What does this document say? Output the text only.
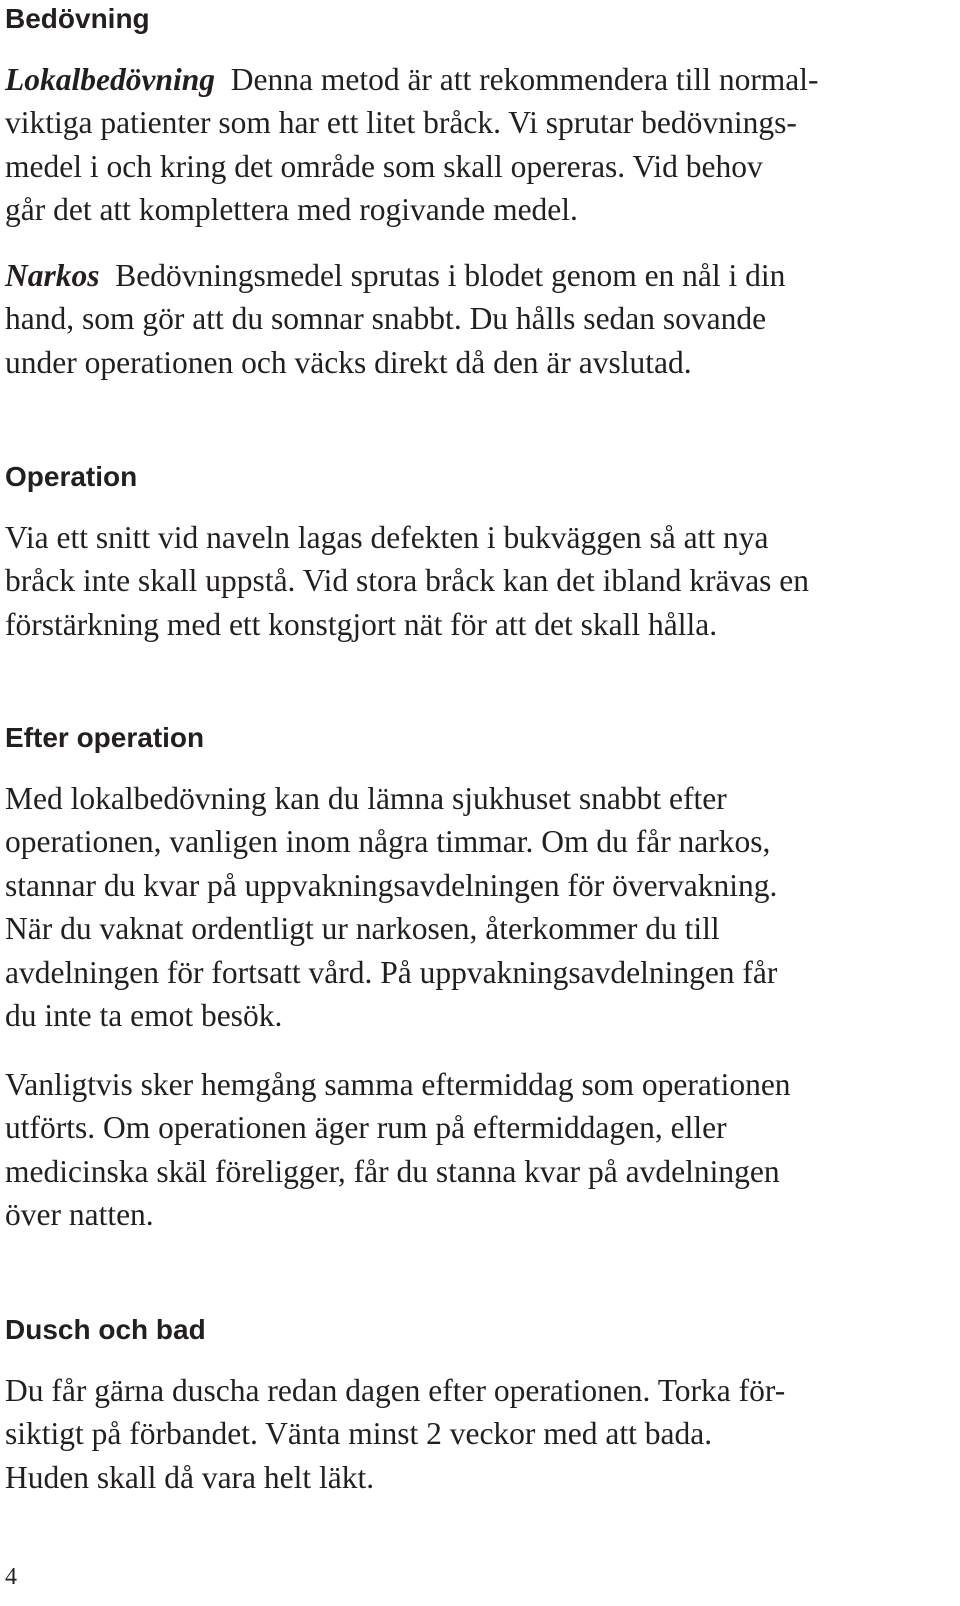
Bedövning
Lokalbedövning  Denna metod är att rekommendera till normal-
viktiga patienter som har ett litet bråck. Vi sprutar bedövnings-
medel i och kring det område som skall opereras. Vid behov
går det att komplettera med rogivande medel.
Narkos  Bedövningsmedel sprutas i blodet genom en nål i din
hand, som gör att du somnar snabbt. Du hålls sedan sovande
under operationen och väcks direkt då den är avslutad.
Operation
Via ett snitt vid naveln lagas defekten i bukväggen så att nya
bråck inte skall uppstå. Vid stora bråck kan det ibland krävas en
förstärkning med ett konstgjort nät för att det skall hålla.
Efter operation
Med lokalbedövning kan du lämna sjukhuset snabbt efter
operationen, vanligen inom några timmar. Om du får narkos,
stannar du kvar på uppvakningsavdelningen för övervakning.
När du vaknat ordentligt ur narkosen, återkommer du till
avdelningen för fortsatt vård. På uppvakningsavdelningen får
du inte ta emot besök.
Vanligtvis sker hemgång samma eftermiddag som operationen
utförts. Om operationen äger rum på eftermiddagen, eller
medicinska skäl föreligger, får du stanna kvar på avdelningen
över natten.
Dusch och bad
Du får gärna duscha redan dagen efter operationen. Torka för-
siktigt på förbandet. Vänta minst 2 veckor med att bada.
Huden skall då vara helt läkt.
4
